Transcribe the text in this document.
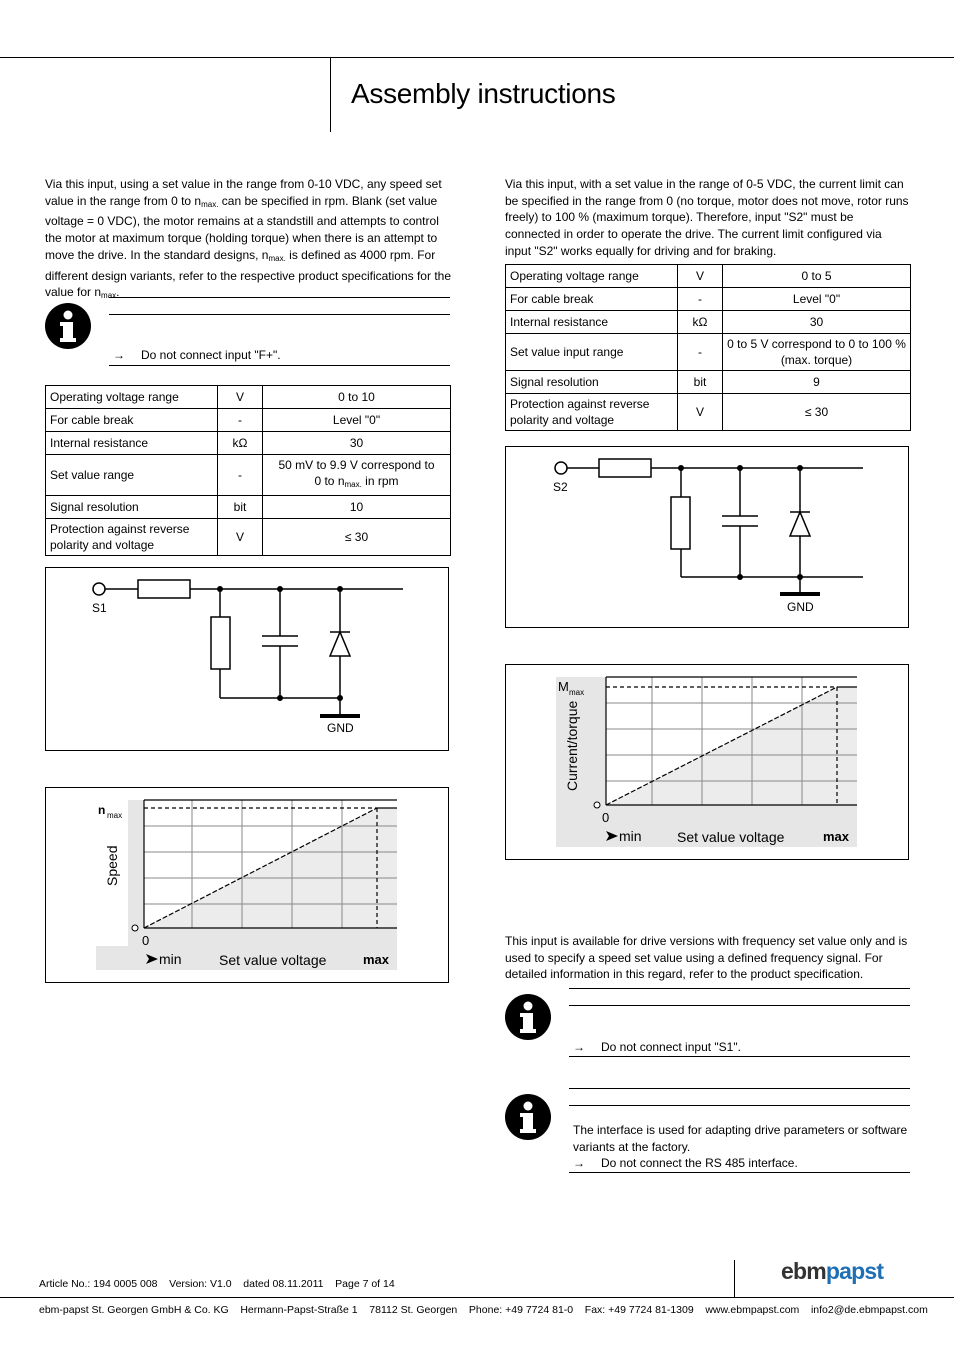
Assembly instructions
Via this input, using a set value in the range from 0-10 VDC, any speed set value in the range from 0 to $n_{max.}$ can be specified in rpm. Blank (set value voltage = 0 VDC), the motor remains at a standstill and attempts to control the motor at maximum torque (holding torque) when there is an attempt to move the drive. In the standard designs, $n_{max.}$ is defined as 4000 rpm. For different design variants, refer to the respective product specifications for the value for $n_{max}$.
→ Do not connect input "F+".
Operating voltage range	V	0 to 10
For cable break	-	Level "0"
Internal resistance	kΩ	30
Set value range	-	50 mV to 9.9 V correspond to
0 to $n_{max.}$ in rpm
Signal resolution	bit	10
Protection against reverse polarity and voltage	V	≤ 30
S1
GND
n max
Speed
0
min	Set value voltage	max
Via this input, with a set value in the range of 0-5 VDC, the current limit can be specified in the range from 0 (no torque, motor does not move, rotor runs freely) to 100 % (maximum torque). Therefore, input "S2" must be connected in order to operate the drive. The current limit configured via input "S2" works equally for driving and for braking.
Operating voltage range	V	0 to 5
For cable break	-	Level "0"
Internal resistance	kΩ	30
Set value input range	-	0 to 5 V correspond to 0 to 100 % (max. torque)
Signal resolution	bit	9
Protection against reverse polarity and voltage	V	≤ 30
S2
GND
M max
Current/torque
0
min	Set value voltage	max
This input is available for drive versions with frequency set value only and is used to specify a speed set value using a defined frequency signal. For detailed information in this regard, refer to the product specification.
→ Do not connect input "S1".
The interface is used for adapting drive parameters or software variants at the factory.
→ Do not connect the RS 485 interface.
Article No.: 194 0005 008    Version: V1.0    dated 08.11.2011    Page 7 of 14	ebmpapst
ebm-papst St. Georgen GmbH & Co. KG    Hermann-Papst-Straße 1    78112 St. Georgen    Phone: +49 7724 81-0    Fax: +49 7724 81-1309    www.ebmpapst.com    info2@de.ebmpapst.com
